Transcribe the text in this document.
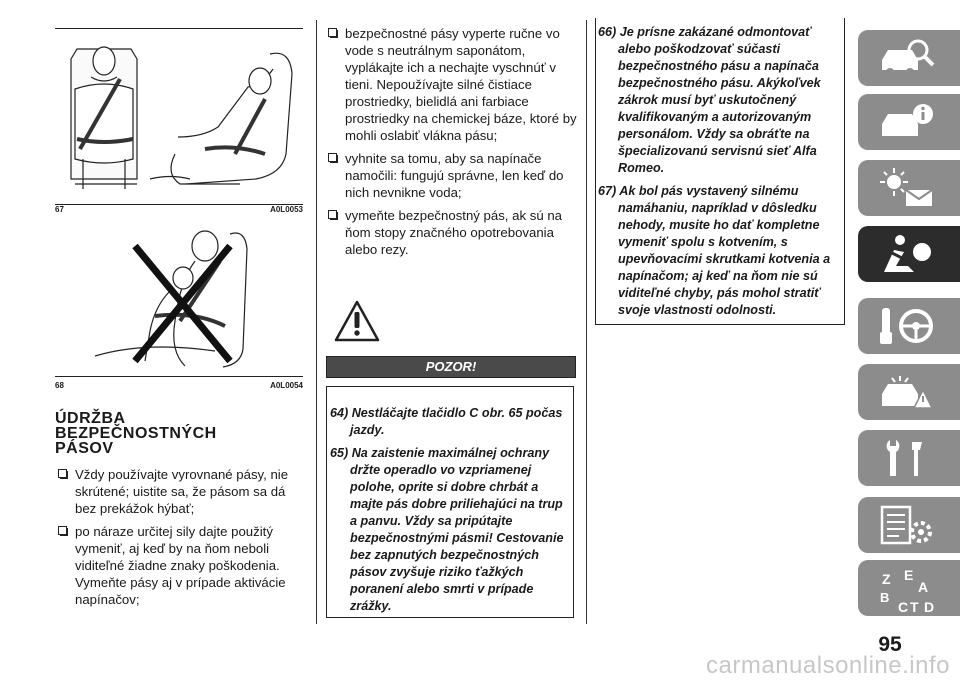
67	A0L0053
68	A0L0054
ÚDRŽBA
BEZPEČNOSTNÝCH
PÁSOV
Vždy používajte vyrovnané pásy, nie skrútené; uistite sa, že pásom sa dá bez prekážok hýbať;
po náraze určitej sily dajte použitý vymeniť, aj keď by na ňom neboli viditeľné žiadne znaky poškodenia. Vymeňte pásy aj v prípade aktivácie napínačov;
bezpečnostné pásy vyperte ručne vo vode s neutrálnym saponátom, vyplákajte ich a nechajte vyschnúť v tieni. Nepoužívajte silné čistiace prostriedky, bielidlá ani farbiace prostriedky na chemickej báze, ktoré by mohli oslabiť vlákna pásu;
vyhnite sa tomu, aby sa napínače namočili: fungujú správne, len keď do nich nevnikne voda;
vymeňte bezpečnostný pás, ak sú na ňom stopy značného opotrebovania alebo rezy.
POZOR!
64) Nestláčajte tlačidlo C obr. 65 počas jazdy.
65) Na zaistenie maximálnej ochrany držte operadlo vo vzpriamenej polohe, oprite si dobre chrbát a majte pás dobre priliehajúci na trup a panvu. Vždy sa pripútajte bezpečnostnými pásmi! Cestovanie bez zapnutých bezpečnostných pásov zvyšuje riziko ťažkých poranení alebo smrti v prípade zrážky.
66) Je prísne zakázané odmontovať alebo poškodzovať súčasti bezpečnostného pásu a napínača bezpečnostného pásu. Akýkoľvek zákrok musí byť uskutočnený kvalifikovaným a autorizovaným personálom. Vždy sa obráťte na špecializovanú servisnú sieť Alfa Romeo.
67) Ak bol pás vystavený silnému namáhaniu, napríklad v dôsledku nehody, musite ho dať kompletne vymeniť spolu s kotvením, s upevňovacími skrutkami kotvenia a napínačom; aj keď na ňom nie sú viditeľné chyby, pás mohol stratiť svoje vlastnosti odolnosti.
Z E
A
B
C T D
95
carmanualsonline.info
